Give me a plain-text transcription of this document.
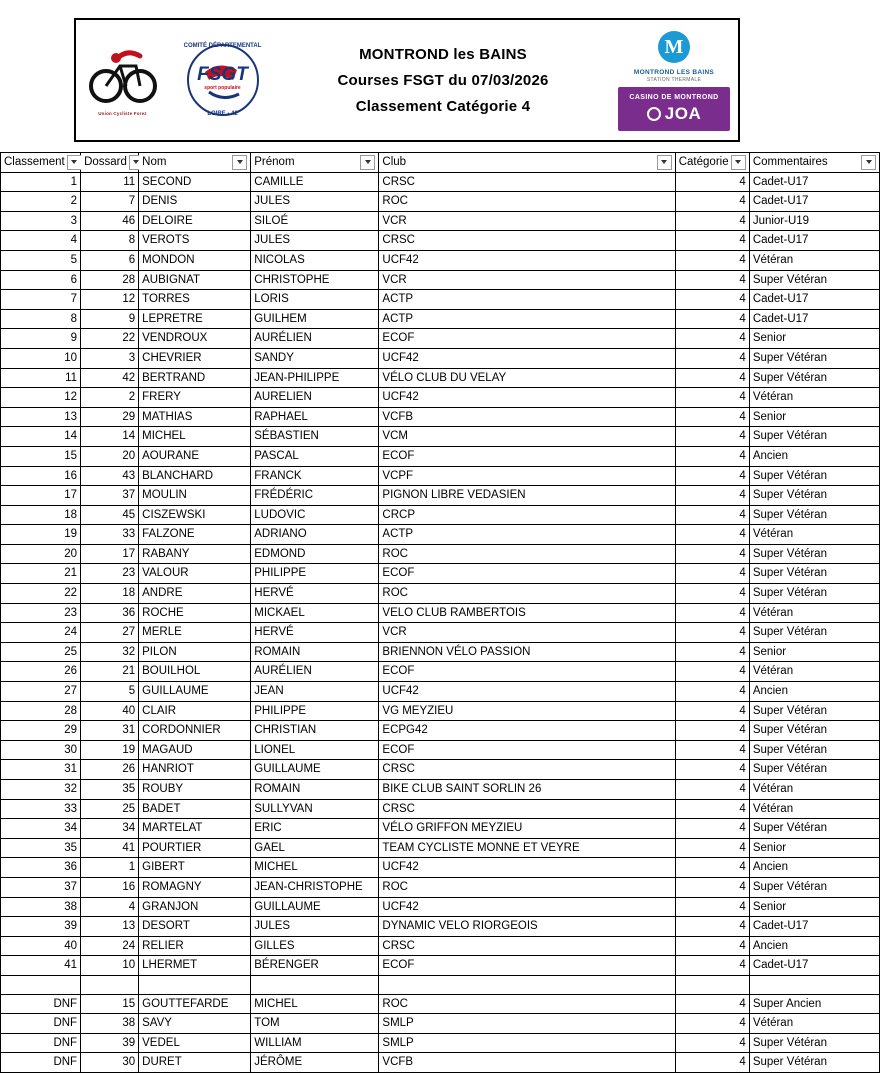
Union Cycliste Forez
COMITÉ DÉPARTEMENTAL
FSGT
sport populaire
LOIRE - 42
MONTROND les BAINS
Courses FSGT du 07/03/2026
Classement Catégorie 4
M
MONTROND LES BAINS
STATION THERMALE
CASINO DE MONTROND
JOA
Classement	Dossard	Nom	Prénom	Club	Catégorie	Commentaires

1	11	SECOND	CAMILLE	CRSC	4	Cadet-U17
2	7	DENIS	JULES	ROC	4	Cadet-U17
3	46	DELOIRE	SILOÉ	VCR	4	Junior-U19
4	8	VEROTS	JULES	CRSC	4	Cadet-U17
5	6	MONDON	NICOLAS	UCF42	4	Vétéran
6	28	AUBIGNAT	CHRISTOPHE	VCR	4	Super Vétéran
7	12	TORRES	LORIS	ACTP	4	Cadet-U17
8	9	LEPRETRE	GUILHEM	ACTP	4	Cadet-U17
9	22	VENDROUX	AURÉLIEN	ECOF	4	Senior
10	3	CHEVRIER	SANDY	UCF42	4	Super Vétéran
11	42	BERTRAND	JEAN-PHILIPPE	VÉLO CLUB DU VELAY	4	Super Vétéran
12	2	FRERY	AURELIEN	UCF42	4	Vétéran
13	29	MATHIAS	RAPHAEL	VCFB	4	Senior
14	14	MICHEL	SÉBASTIEN	VCM	4	Super Vétéran
15	20	AOURANE	PASCAL	ECOF	4	Ancien
16	43	BLANCHARD	FRANCK	VCPF	4	Super Vétéran
17	37	MOULIN	FRÉDÉRIC	PIGNON LIBRE VEDASIEN	4	Super Vétéran
18	45	CISZEWSKI	LUDOVIC	CRCP	4	Super Vétéran
19	33	FALZONE	ADRIANO	ACTP	4	Vétéran
20	17	RABANY	EDMOND	ROC	4	Super Vétéran
21	23	VALOUR	PHILIPPE	ECOF	4	Super Vétéran
22	18	ANDRE	HERVÉ	ROC	4	Super Vétéran
23	36	ROCHE	MICKAEL	VELO CLUB RAMBERTOIS	4	Vétéran
24	27	MERLE	HERVÉ	VCR	4	Super Vétéran
25	32	PILON	ROMAIN	BRIENNON VÉLO PASSION	4	Senior
26	21	BOUILHOL	AURÉLIEN	ECOF	4	Vétéran
27	5	GUILLAUME	JEAN	UCF42	4	Ancien
28	40	CLAIR	PHILIPPE	VG MEYZIEU	4	Super Vétéran
29	31	CORDONNIER	CHRISTIAN	ECPG42	4	Super Vétéran
30	19	MAGAUD	LIONEL	ECOF	4	Super Vétéran
31	26	HANRIOT	GUILLAUME	CRSC	4	Super Vétéran
32	35	ROUBY	ROMAIN	BIKE CLUB SAINT SORLIN 26	4	Vétéran
33	25	BADET	SULLYVAN	CRSC	4	Vétéran
34	34	MARTELAT	ERIC	VÉLO GRIFFON MEYZIEU	4	Super Vétéran
35	41	POURTIER	GAEL	TEAM CYCLISTE MONNE ET VEYRE	4	Senior
36	1	GIBERT	MICHEL	UCF42	4	Ancien
37	16	ROMAGNY	JEAN-CHRISTOPHE	ROC	4	Super Vétéran
38	4	GRANJON	GUILLAUME	UCF42	4	Senior
39	13	DESORT	JULES	DYNAMIC VELO RIORGEOIS	4	Cadet-U17
40	24	RELIER	GILLES	CRSC	4	Ancien
41	10	LHERMET	BÉRENGER	ECOF	4	Cadet-U17

DNF	15	GOUTTEFARDE	MICHEL	ROC	4	Super Ancien
DNF	38	SAVY	TOM	SMLP	4	Vétéran
DNF	39	VEDEL	WILLIAM	SMLP	4	Super Vétéran
DNF	30	DURET	JÉRÔME	VCFB	4	Super Vétéran
